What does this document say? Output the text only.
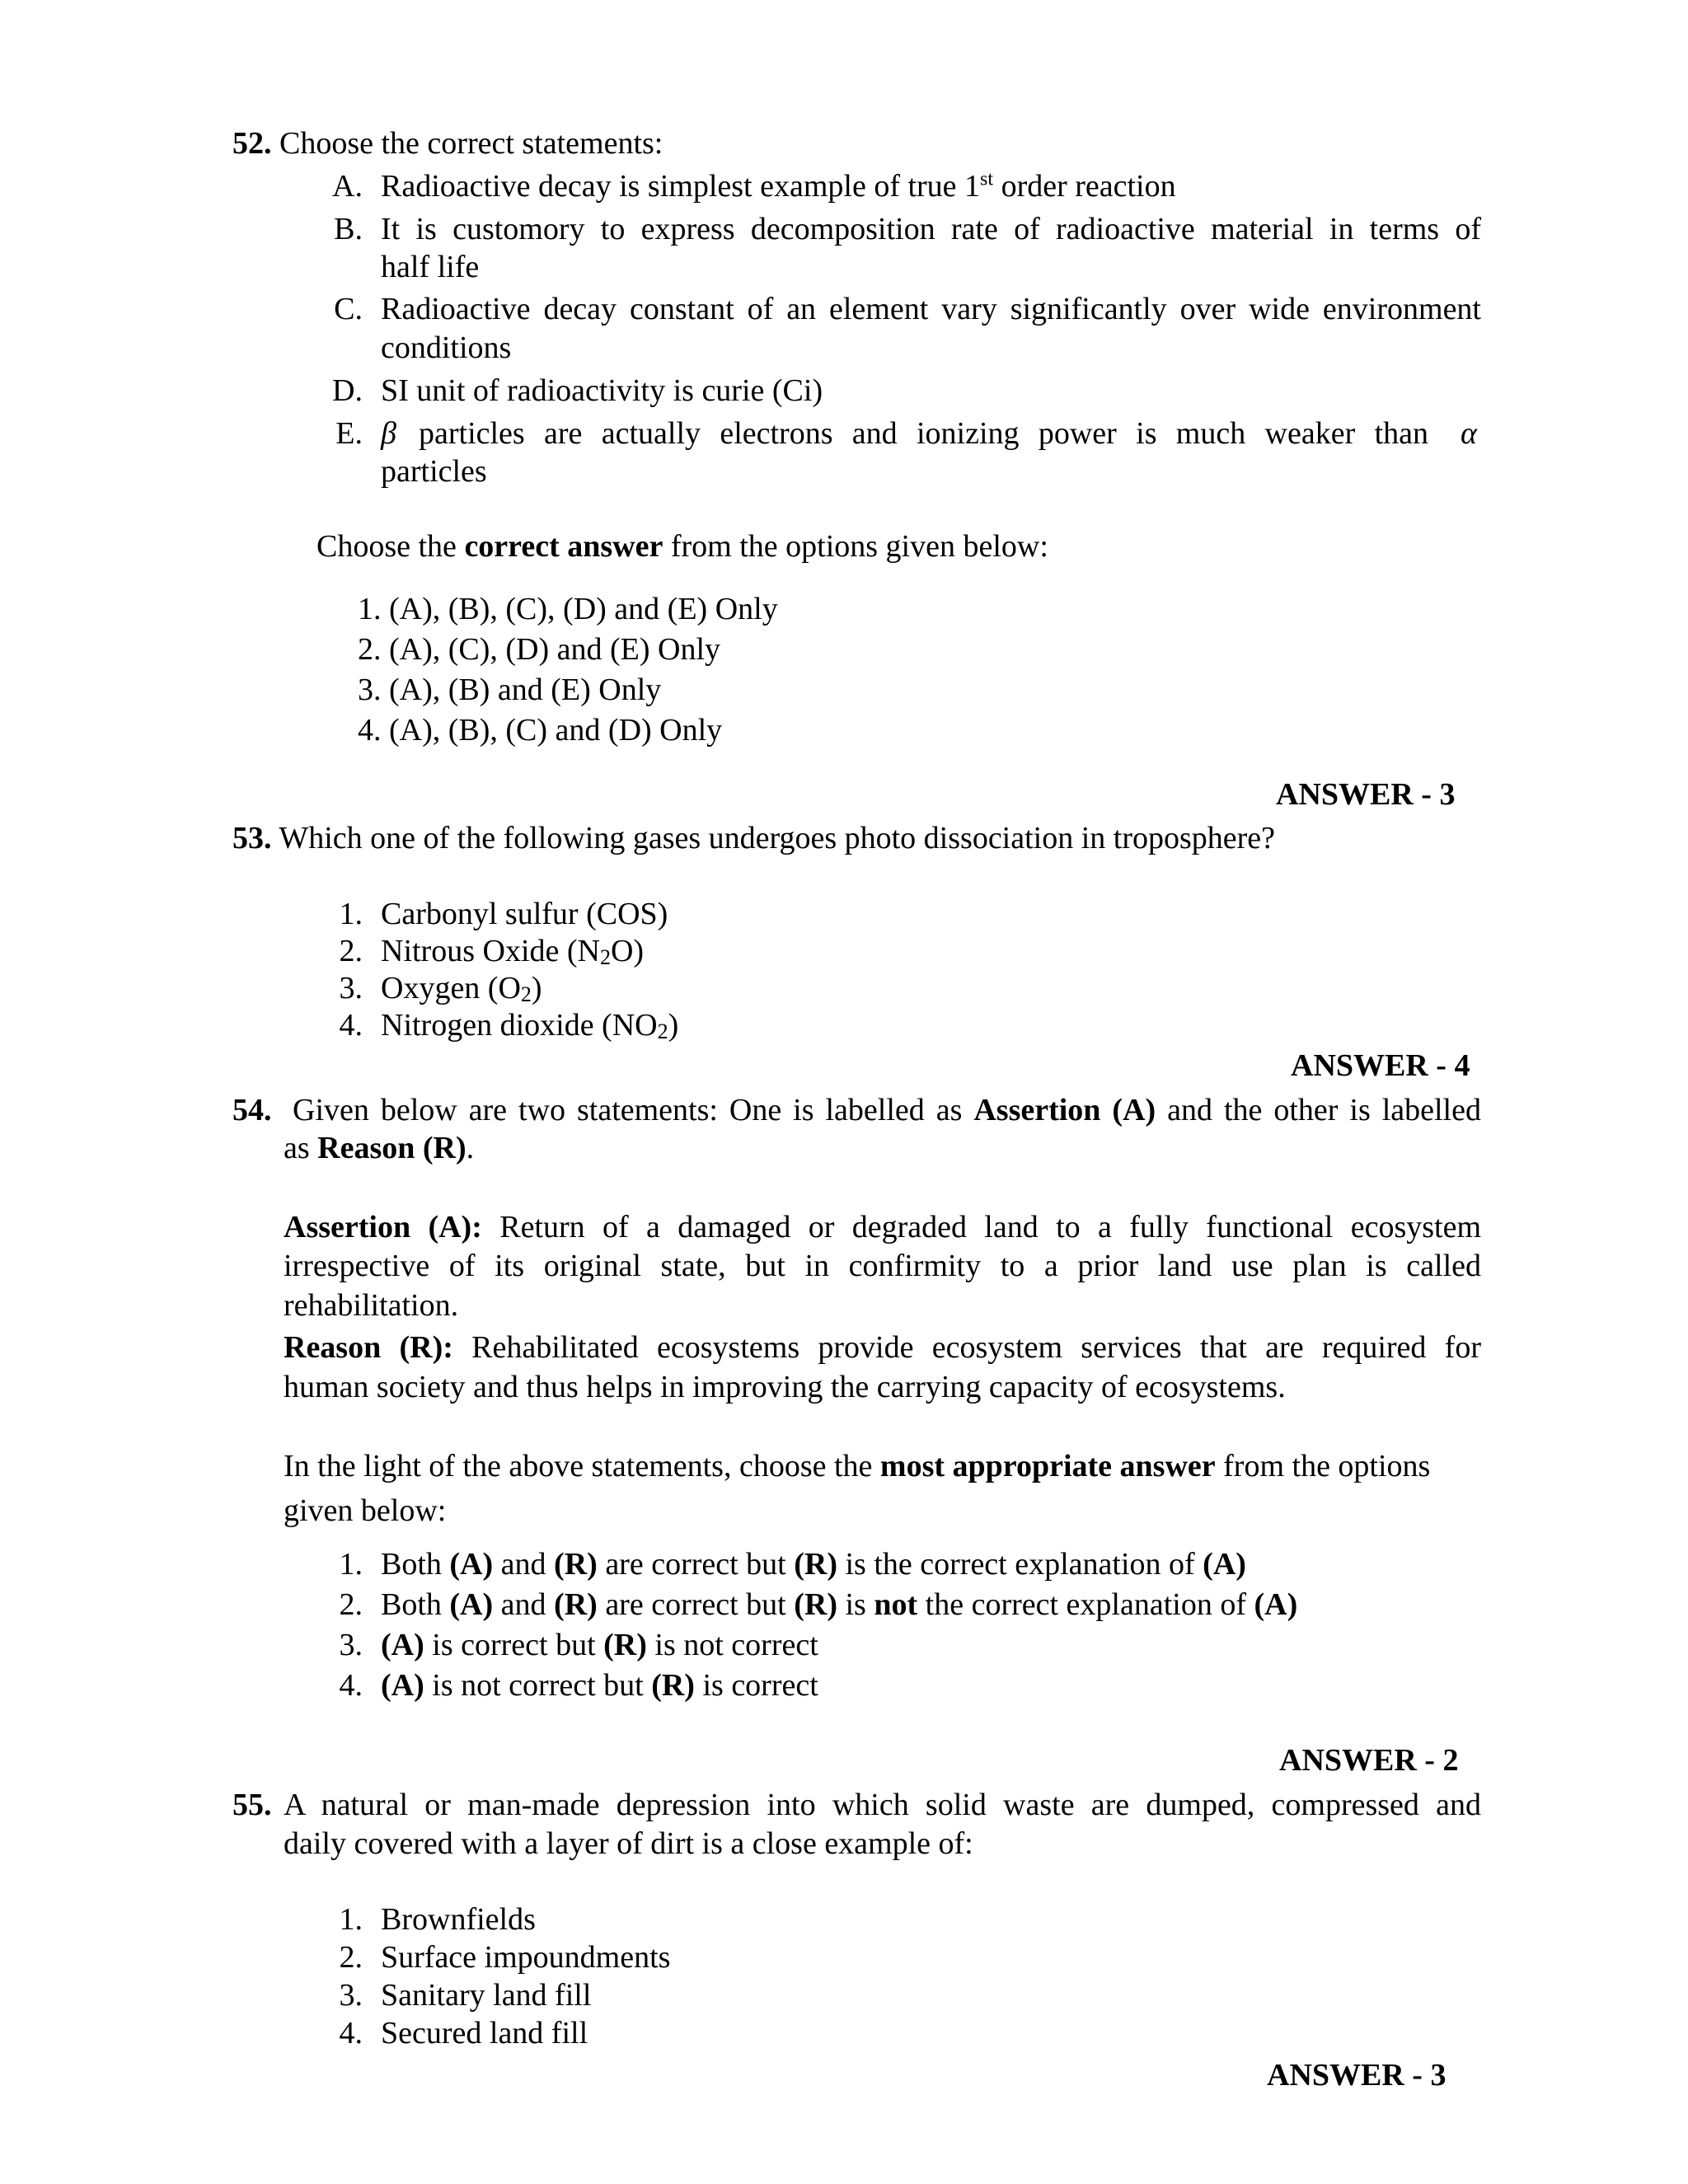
52. Choose the correct statements:
A. Radioactive decay is simplest example of true 1st order reaction
B. It is customory to express decomposition rate of radioactive material in terms of
half life
C. Radioactive decay constant of an element vary significantly over wide environment
conditions
D. SI unit of radioactivity is curie (Ci)
E. β particles are actually electrons and ionizing power is much weaker than α
particles
Choose the correct answer from the options given below:
1. (A), (B), (C), (D) and (E) Only
2. (A), (C), (D) and (E) Only
3. (A), (B) and (E) Only
4. (A), (B), (C) and (D) Only
ANSWER - 3
53. Which one of the following gases undergoes photo dissociation in troposphere?
1. Carbonyl sulfur (COS)
2. Nitrous Oxide $(N_2O)$
3. Oxygen $(O_2)$
4. Nitrogen dioxide $(NO_2)$
ANSWER - 4
54. Given below are two statements: One is labelled as Assertion (A) and the other is labelled
as Reason (R).
Assertion (A): Return of a damaged or degraded land to a fully functional ecosystem
irrespective of its original state, but in confirmity to a prior land use plan is called
rehabilitation.
Reason (R): Rehabilitated ecosystems provide ecosystem services that are required for
human society and thus helps in improving the carrying capacity of ecosystems.
In the light of the above statements, choose the most appropriate answer from the options
given below:
1. Both (A) and (R) are correct but (R) is the correct explanation of (A)
2. Both (A) and (R) are correct but (R) is not the correct explanation of (A)
3. (A) is correct but (R) is not correct
4. (A) is not correct but (R) is correct
ANSWER - 2
55. A natural or man-made depression into which solid waste are dumped, compressed and
daily covered with a layer of dirt is a close example of:
1. Brownfields
2. Surface impoundments
3. Sanitary land fill
4. Secured land fill
ANSWER - 3
